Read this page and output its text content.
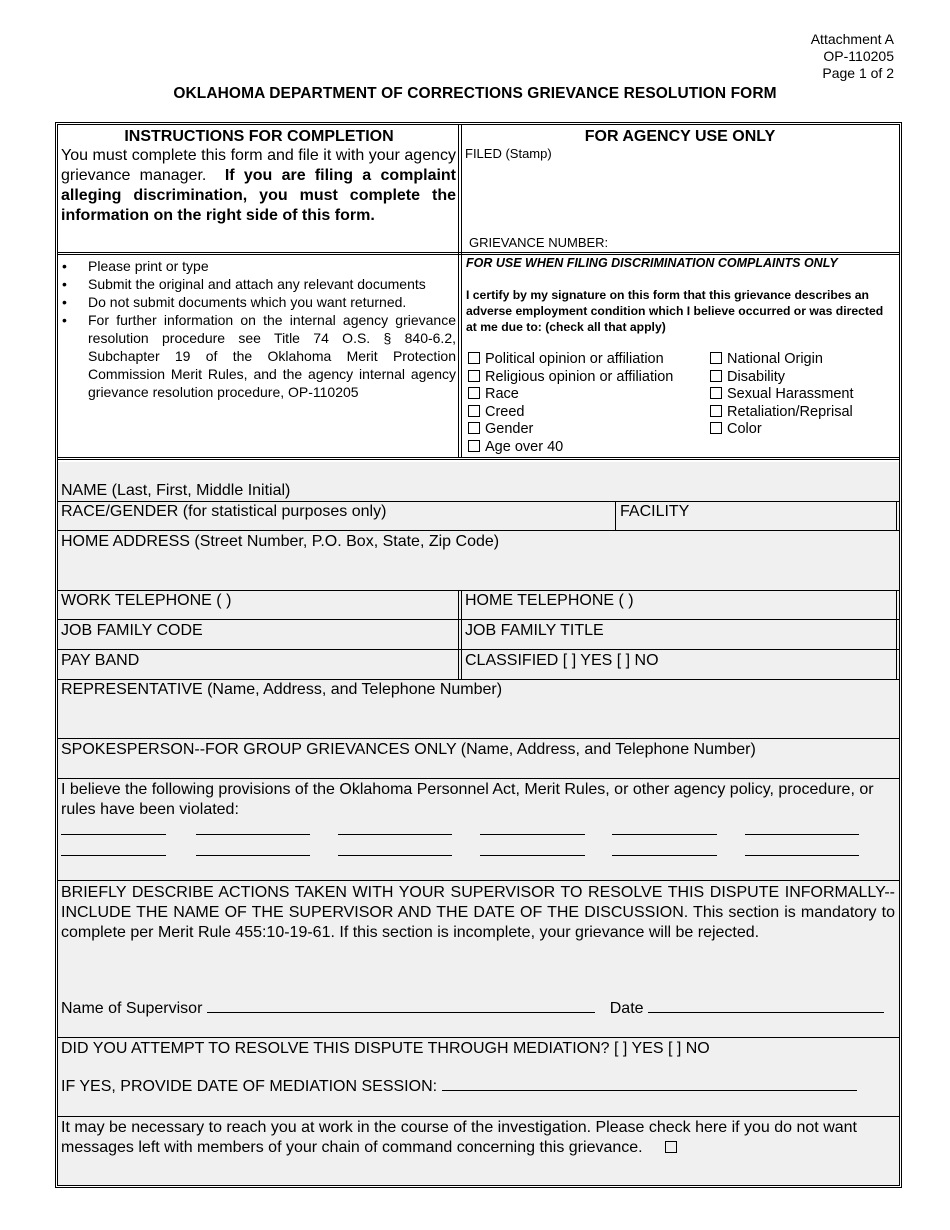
Attachment A
OP-110205
Page 1 of 2
OKLAHOMA DEPARTMENT OF CORRECTIONS GRIEVANCE RESOLUTION FORM
INSTRUCTIONS FOR COMPLETION
You must complete this form and file it with your agency grievance manager. If you are filing a complaint alleging discrimination, you must complete the information on the right side of this form.
• Please print or type
• Submit the original and attach any relevant documents
• Do not submit documents which you want returned.
• For further information on the internal agency grievance resolution procedure see Title 74 O.S. § 840-6.2, Subchapter 19 of the Oklahoma Merit Protection Commission Merit Rules, and the agency internal agency grievance resolution procedure, OP-110205
FOR AGENCY USE ONLY
FILED (Stamp)
GRIEVANCE NUMBER:
FOR USE WHEN FILING DISCRIMINATION COMPLAINTS ONLY
I certify by my signature on this form that this grievance describes an adverse employment condition which I believe occurred or was directed at me due to: (check all that apply)
Political opinion or affiliation
Religious opinion or affiliation
Race
Creed
Gender
Age over 40
National Origin
Disability
Sexual Harassment
Retaliation/Reprisal
Color
NAME (Last, First, Middle Initial)
RACE/GENDER (for statistical purposes only)	FACILITY
HOME ADDRESS (Street Number, P.O. Box, State, Zip Code)
WORK TELEPHONE ( )	HOME TELEPHONE ( )
JOB FAMILY CODE	JOB FAMILY TITLE
PAY BAND	CLASSIFIED [ ] YES [ ] NO
REPRESENTATIVE (Name, Address, and Telephone Number)
SPOKESPERSON--FOR GROUP GRIEVANCES ONLY (Name, Address, and Telephone Number)
I believe the following provisions of the Oklahoma Personnel Act, Merit Rules, or other agency policy, procedure, or rules have been violated:
BRIEFLY DESCRIBE ACTIONS TAKEN WITH YOUR SUPERVISOR TO RESOLVE THIS DISPUTE INFORMALLY--INCLUDE THE NAME OF THE SUPERVISOR AND THE DATE OF THE DISCUSSION. This section is mandatory to complete per Merit Rule 455:10-19-61. If this section is incomplete, your grievance will be rejected.
Name of Supervisor	Date
DID YOU ATTEMPT TO RESOLVE THIS DISPUTE THROUGH MEDIATION? [ ] YES [ ] NO
IF YES, PROVIDE DATE OF MEDIATION SESSION:
It may be necessary to reach you at work in the course of the investigation. Please check here if you do not want messages left with members of your chain of command concerning this grievance.
